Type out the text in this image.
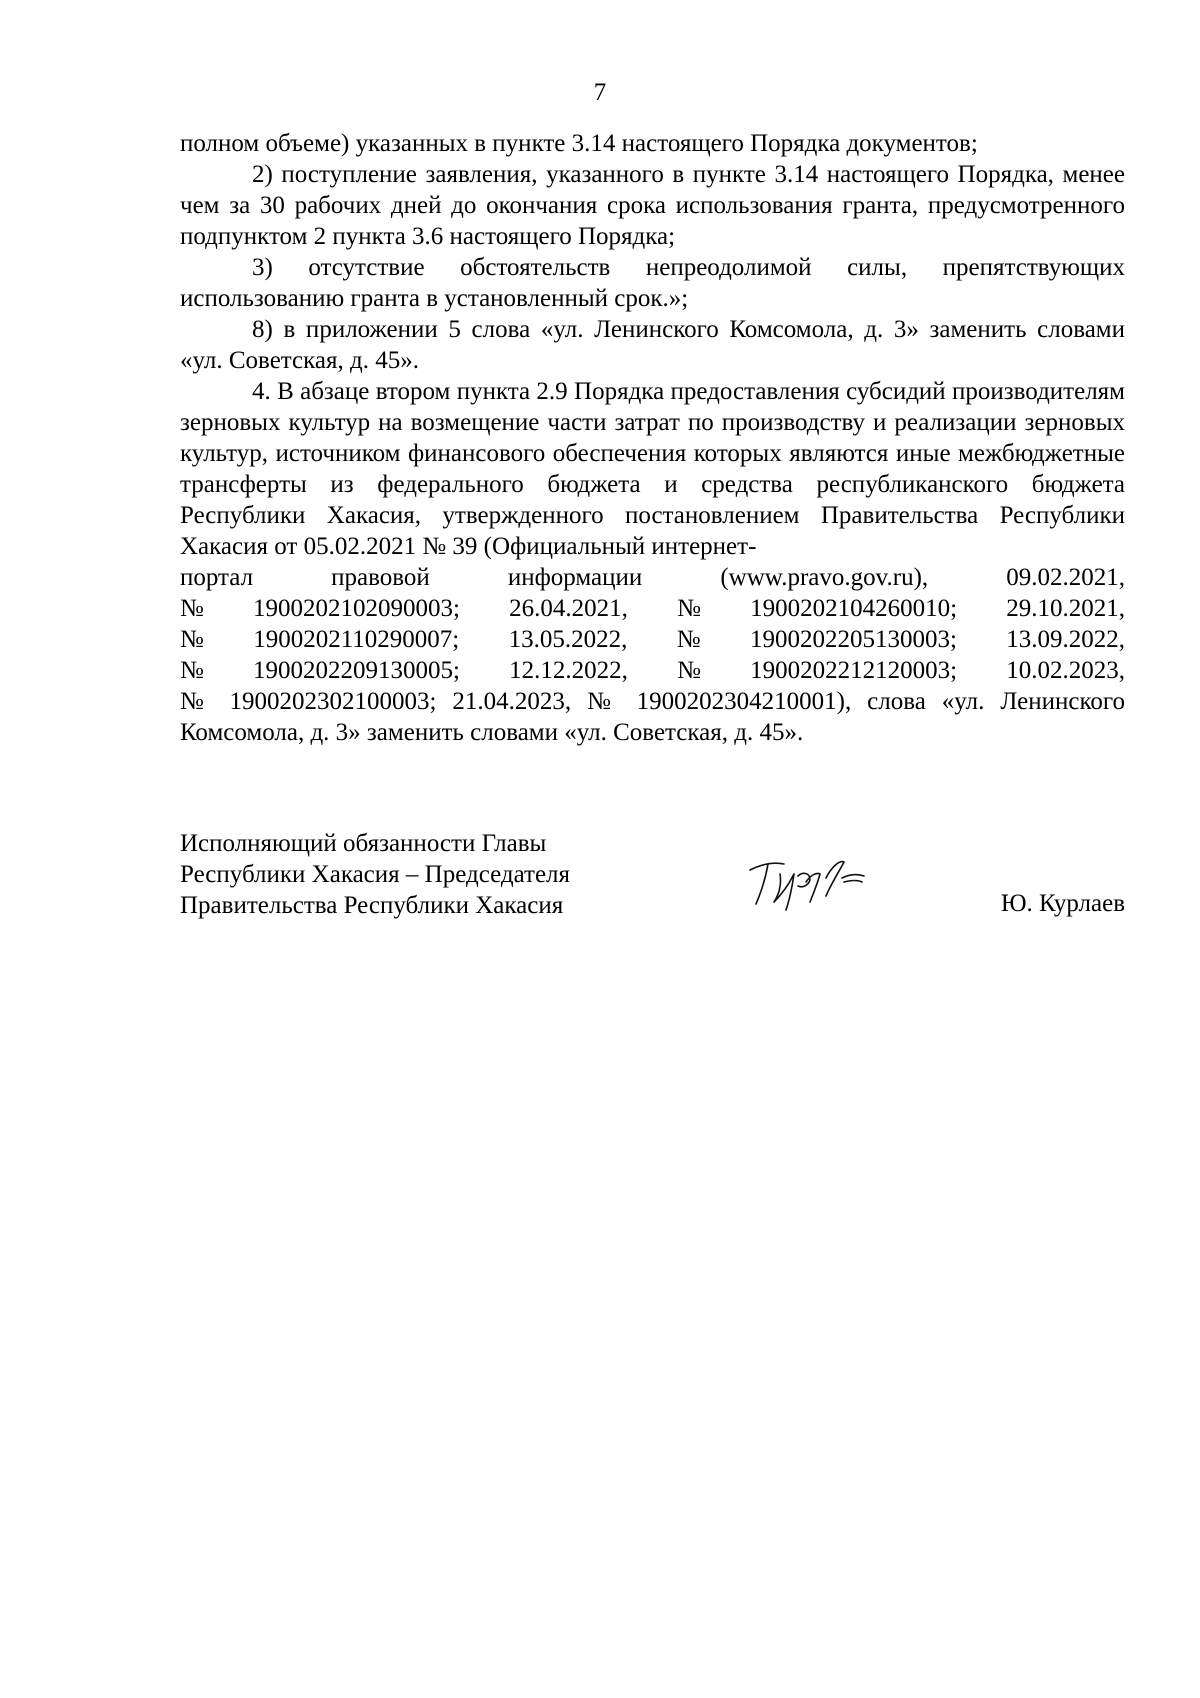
7

полном объеме) указанных в пункте 3.14 настоящего Порядка документов;

2) поступление заявления, указанного в пункте 3.14 настоящего Порядка, менее чем за 30 рабочих дней до окончания срока использования гранта, предусмотренного подпунктом 2 пункта 3.6 настоящего Порядка;

3) отсутствие обстоятельств непреодолимой силы, препятствующих использованию гранта в установленный срок.»;

8) в приложении 5 слова «ул. Ленинского Комсомола, д. 3» заменить словами «ул. Советская, д. 45».

4. В абзаце втором пункта 2.9 Порядка предоставления субсидий производителям зерновых культур на возмещение части затрат по производству и реализации зерновых культур, источником финансового обеспечения которых являются иные межбюджетные трансферты из федерального бюджета и средства республиканского бюджета Республики Хакасия, утвержденного постановлением Правительства Республики Хакасия от 05.02.2021 № 39 (Официальный интернет-

портал	правовой	информации	(www.pravo.gov.ru),	09.02.2021,
№ 1900202102090003; 26.04.2021, № 1900202104260010; 29.10.2021,
№ 1900202110290007; 13.05.2022, № 1900202205130003; 13.09.2022,
№ 1900202209130005; 12.12.2022, № 1900202212120003; 10.02.2023,

№ 1900202302100003; 21.04.2023, № 1900202304210001), слова «ул. Ленинского Комсомола, д. 3» заменить словами «ул. Советская, д. 45».

Исполняющий обязанности Главы
Республики Хакасия – Председателя
Правительства Республики Хакасия	Ю. Курлаев
